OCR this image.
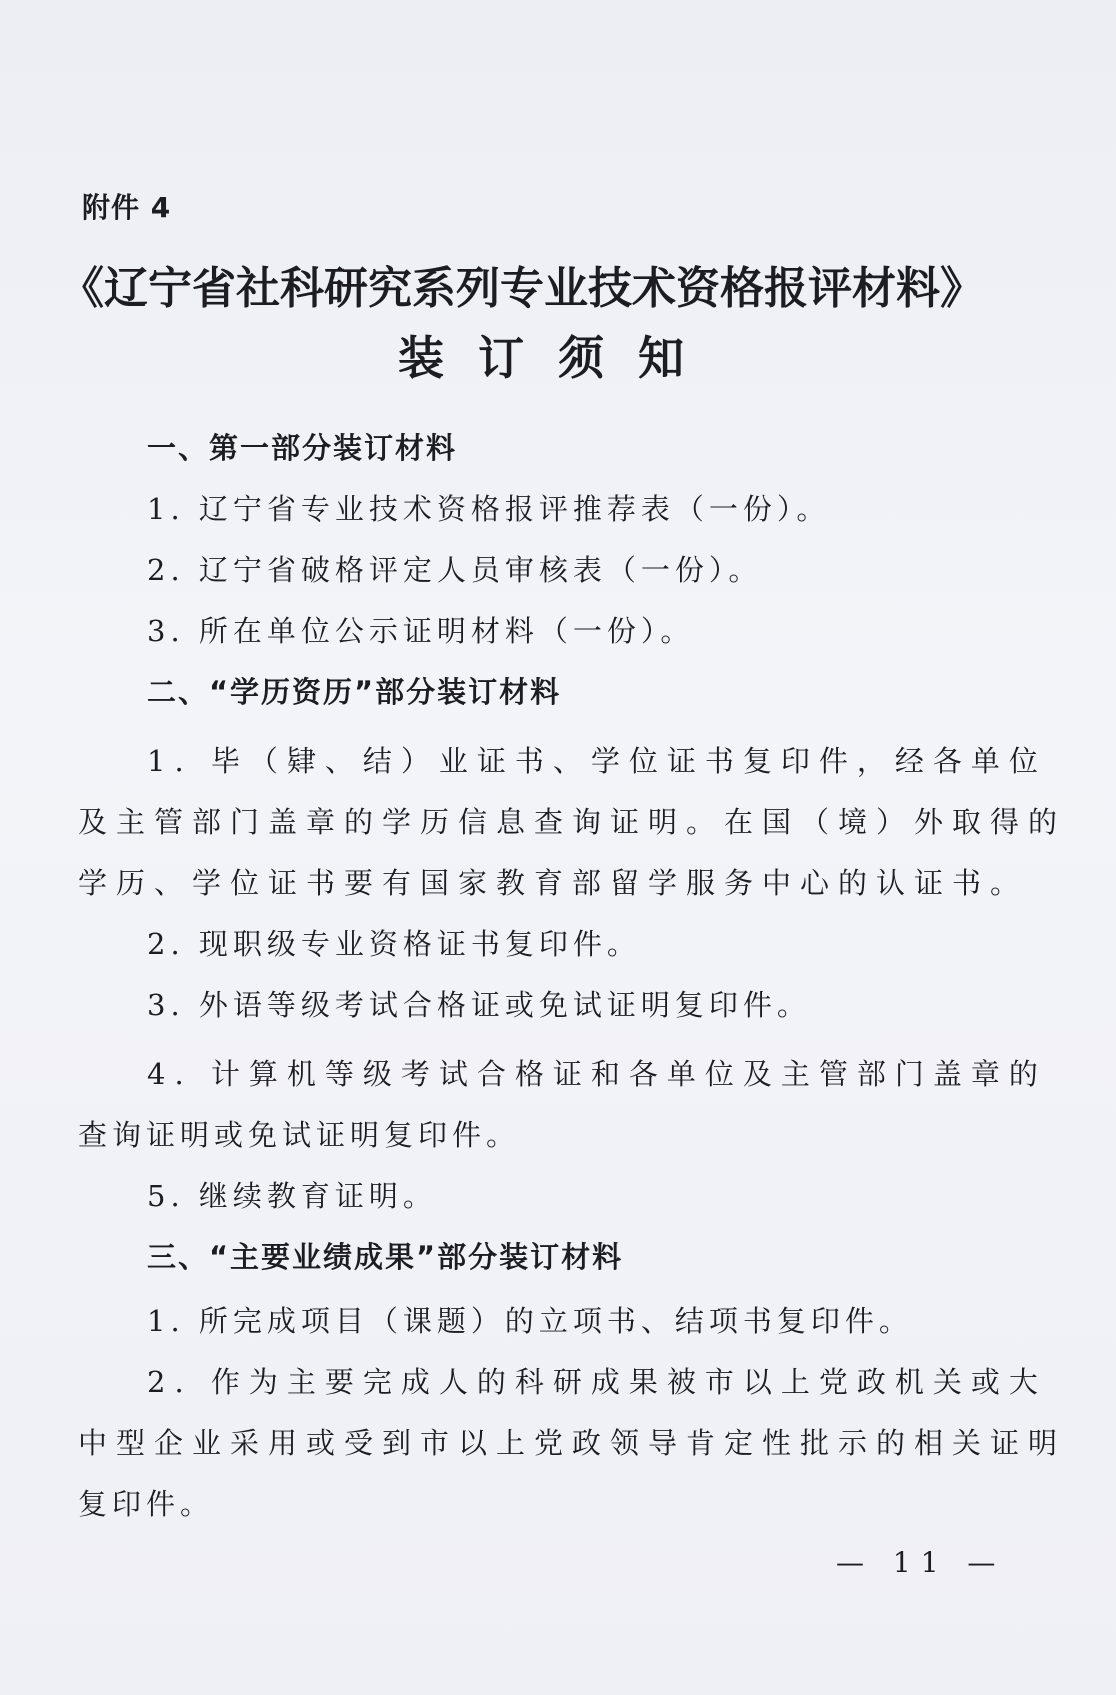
附件 4
《辽宁省社科研究系列专业技术资格报评材料》
装订须知
一、第一部分装订材料
1. 辽宁省专业技术资格报评推荐表（一份）。
2. 辽宁省破格评定人员审核表（一份）。
3. 所在单位公示证明材料（一份）。
二、“学历资历”部分装订材料
1. 毕（肄、结）业证书、学位证书复印件，经各单位
及主管部门盖章的学历信息查询证明。在国（境）外取得的
学历、学位证书要有国家教育部留学服务中心的认证书。
2. 现职级专业资格证书复印件。
3. 外语等级考试合格证或免试证明复印件。
4. 计算机等级考试合格证和各单位及主管部门盖章的
查询证明或免试证明复印件。
5. 继续教育证明。
三、“主要业绩成果”部分装订材料
1. 所完成项目（课题）的立项书、结项书复印件。
2. 作为主要完成人的科研成果被市以上党政机关或大
中型企业采用或受到市以上党政领导肯定性批示的相关证明
复印件。
— 11 —
